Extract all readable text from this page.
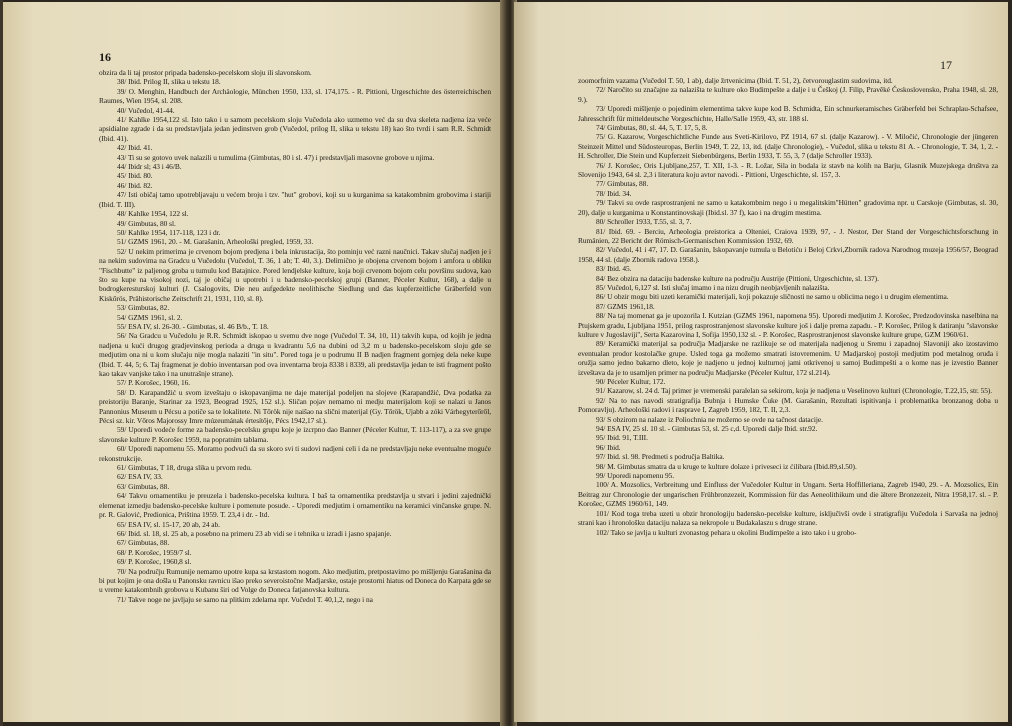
16

obzira da li taj prostor pripada badensko-pecelskom sloju ili slavonskom.

38/ Ibid. Prilog II, slika u tekstu 18.

39/ O. Menghin, Handbuch der Archäologie, München 1950, 133, sl. 174,175. - R. Pittioni, Urgeschichte des österreichischen Raumes, Wien 1954, sl. 208.

40/ Vučedol, 41-44.

41/ Kahlke 1954,122 sl. Isto tako i u samom pecelskom sloju Vučedola ako uzmemo već da su dva skeleta nadjena iza veće apsidialne zgrade i da su predstavljala jedan jedinstven grob (Vučedol, prilog II, slika u tekstu 18) kao što tvrdi i sam R.R. Schmidt (Ibid. 41).

42/ Ibid. 41.

43/ Ti su se gotovo uvek nalazili u tumulima (Gimbutas, 80 i sl. 47) i predstavljali masovne grobove u njima.

44/ Ibidr sl; 43 i 46/B.

45/ Ibid. 80.

46/ Ibid. 82.

47/ Isti običaj tamo upotrebljavaju u većem broju i tzv. "hut" grobovi, koji su u kurganima sa katakombnim grobovima i stariji (Ibid. T. III).

48/ Kahlke 1954, 122 sl.

49/ Gimbutas, 80 sl.

50/ Kahlke 1954, 117-118, 123 i dr.

51/ GZMS 1961, 20. - M. Garašanin, Arheološki pregled, 1959, 33.

52/ U nekim primerima je crvenom bojom predjena i bela inkrustacija, što pominju već razni naučnici. Takav slučaj nadjen je i na nekim sudovima na Gradcu u Vučedolu (Vučedol, T. 36, 1 ab; T. 40, 3.). Delimično je obojena crvenom bojom i amfora u obliku "Fischbutte" iz paljenog groba u tumulu kod Batajnice. Pored lendjelske kulture, koja boji crvenom bojom celu površinu sudova, kao što su kupe na visokoj nozi, taj je običaj u upotrebi i u badensko-pecelskoj grupi (Banner, Péceler Kultur, 168), a dalje u bodrogkeresturskoj kulturi (J. Csalogovits, Die neu aufgedekte neolithische Siedlung und das kupferzeitliche Gräberfeld von Kiskőrös, Prähistorische Zeitschrift 21, 1931, 110, sl. 8).

53/ Gimbutas, 82.

54/ GZMS 1961, sl. 2.

55/ ESA IV, sl. 26-30. - Gimbutas, sl. 46 B/b., T. 18.

56/ Na Gradcu u Vučedolu je R.R. Schmidt iskopao u svemu dve noge (Vučedol T. 34, 10, 11) takvih kupa, od kojih je jedna nadjena u kući drugog gradjevinskog perioda a druga u kvadrantu 5,6 na dubini od 3,2 m u badensko-pecelskom sloju gde se medjutim ona ni u kom slučaju nije mogla nalaziti "in situ". Pored toga je u podrumu II B nadjen fragment gornjeg dela neke kupe (Ibid. T. 44, 5; 6. Taj fragmenat je dobio inventarsan pod ova inventarna broja 8338 i 8339, ali predstavlja jedan te isti fragment pošto kao takav vanjske tako i na unutrašnje strane).

57/ P. Korošec, 1960, 16.

58/ D. Karapandžić u svom izveštaju o iskopavanjima ne daje materijal podeljen na slojeve (Karapandžić, Dva podatka za preistoriju Baranje, Starinar za 1923, Beograd 1925, 152 sl.). Sličan pojav nemamo ni medju materijalom koji se nalazi u Janos Pannonius Museum u Pécsu a potiče sa te lokalitete. Ni Tőrök nije naišao na slični materijal (Gy. Tőrök, Ujabb a zóki Várhegyterőről, Pécsi sz. kir. Vőros Majorossy Imre múzeumának értesítője, Pécs 1942,17 sl.).

59/ Upoređi vodeće forme za badensko-pecelsku grupu koje je izcrpno dao Banner (Péceler Kultur, T. 113-117), a za sve grupe slavonske kulture P. Korošec 1959, na popratnim tablama.

60/ Upoređi napomenu 55. Moramo podvući da su skoro svi ti sudovi nadjeni celi i da ne predstavljaju neke eventualne moguće rekonstrukcije.

61/ Gimbutas, T 18, druga slika u prvom redu.

62/ ESA IV, 33.

63/ Gimbutas, 88.

64/ Takvu ornamentiku je preuzela i badensko-pecelska kultura. I baš ta ornamentika predstavlja u stvari i jedini zajednički elemenat izmedju badensko-pecelske kulture i pomenute posude. - Uporedi medjutim i ornamentiku na keramici vinčanske grupe. N. pr. R. Galović, Predionica, Priština 1959. T. 23,4 i dr. - Itd.

65/ ESA IV, sl. 15-17, 20 ab, 24 ab.

66/ Ibid. sl. 18, sl. 25 ab, a posebno na primeru 23 ab vidi se i tehnika u izradi i jasno spajanje.

67/ Gimbutas, 88.

68/ P. Korošec, 1959/7 sl.

69/ P. Korošec, 1960,8 sl.

70/ Na području Rumunije nemamo upotre kupa sa krstastom nogom. Ako medjutim, pretpostavimo po mišljenju Garašanina da bi put kojim je ona došla u Panonsku ravnicu išao preko severoistočne Madjarske, ostaje prostorni hiatus od Doneca do Karpata gde se u vreme katakombnih grobova u Kubanu širi od Volge do Doneca fatjanovska kultura.

71/ Takve noge ne javljaju se samo na plitkim zdelama npr. Vučedol T. 40,1,2, nego i na

17

zoomorfnim vazama (Vučedol T. 50, 1 ab), dalje žrtvenicima (Ibid. T. 51, 2), četvorouglastim sudovima, itd.

72/ Naročito su značajne za nalazišta te kulture oko Budimpešte a dalje i u Češkoj (J. Filip, Pravěké Československo, Praha 1948, sl. 28, 9.).

73/ Uporedi mišljenje o pojedinim elementima takve kupe kod B. Schmidta, Ein schnurkeramisches Gräberfeld bei Schraplau-Schafsee, Jahresschrift für mitteldeutsche Vorgeschichte, Halle/Salle 1959, 43, str. 188 sl.

74/ Gimbutas, 80, sl. 44, 5, T. 17, 5, 8.

75/ G. Kazarow, Vorgeschichtliche Funde aus Sveti-Kirilovo, PZ 1914, 67 sl. (dalje Kazarow). - V. Miločić, Chronologie der jüngeren Steinzeit Mittel und Südosteuropas, Berlin 1949, T. 22, 13, itd. (dalje Chronologie), - Vučedol, slika u tekstu 81 A. - Chronologie, T. 34, 1, 2. - H. Schroller, Die Stein und Kupferzeit Siebenbürgens, Berlin 1933, T. 55, 3, 7 (dalje Schroller 1933).

76/ J. Korošec, Oris Ljubljane,257, T. XII, 1-3. - R. Ložar, Sila in bodala iz stavb na kolih na Barju, Glasnik Muzejskega društva za Slovenijo 1943, 64 sl. 2,3 i literatura koju avtor navodi. - Pittioni, Urgeschichte, sl. 157, 3.

77/ Gimbutas, 88.

78/ Ibid. 34.

79/ Takvi su ovde rasprostranjeni ne samo u katakombnim nego i u megalitskim"Hütten" gradovima npr. u Carskoje (Gimbutas, sl. 30, 20), dalje u kurganima u Konstantinovskaji (Ibid.sl. 37 f), kao i na drugim mestima.

80/ Schroller 1933, T.55, sl. 3, 7.

81/ Ibid. 69. - Berciu, Arheologia preistorica a Olteniei, Craiova 1939, 97, - J. Nestor, Der Stand der Vorgeschichtsforschung in Rumänien, 22 Bericht der Römisch-Germanischen Kommission 1932, 69.

82/ Vučedol, 41 i 47, 17. D. Garašanin, Iskopavanje tumula u Belotiću i Beloj Crkvi,Zbornik radova Narodnog muzeja 1956/57, Beograd 1958, 44 sl. (dalje Zbornik radova 1958.).

83/ Ibid. 45.

84/ Bez obzira na dataciju badenske kulture na području Austrije (Pittioni, Urgeschichte, sl. 137).

85/ Vučedol, 6,127 sl. Isti slučaj imamo i na nizu drugih neobjavljenih nalazišta.

86/ U obzir mogu biti uzeti keramički materijali, koji pokazuje sličnosti ne samo u oblicima nego i u drugim elementima.

87/ GZMS 1961,18.

88/ Na taj momenat ga je upozorila I. Kutzian (GZMS 1961, napomena 95). Uporedi medjutim J. Korošec, Predzodovinska naselbina na Ptujskem gradu, Ljubljana 1951, prilog rasprostranjenost slavonske kulture još i dalje prema zapadu. - P. Korošec, Prilog k datiranju "slavonske kulture v Jugoslaviji", Serta Kazarovina I, Sofija 1950,132 sl. - P. Korošec, Rasprostranjenost slavonske kulture grupe, GZM 1960/61.

89/ Keramički materijal sa područja Madjarske ne razlikuje se od materijala nadjenog u Sremu i zapadnoj Slavoniji ako izostavimo eventualan prodor kostolačke grupe. Usled toga ga možemo smatrati istovremenim. U Madjarskoj postoji medjutim pod metalnog oruđa i oružja samo jedno bakarno dleto, koje je nadjeno u jednoj kulturnoj jami otkrivenoj u samoj Budimpešti a o kome nas je izvestio Banner izveštava da je to usamljen primer na području Madjarske (Péceler Kultur, 172 sl.214).

90/ Péceler Kultur, 172.

91/ Kazarow, sl. 24 d. Taj primer je vremenski paralelan sa sekirom, koja je nadjena u Veselinovo kulturi (Chronologie, T.22,15, str. 55).

92/ Na to nas navodi stratigrafija Bubnja i Humske Čuke (M. Garašanin, Rezultati ispitivanja i problematika bronzanog doba u Pomoravlju). Arheološki radovi i rasprave I, Zagreb 1959, 182, T. II, 2,3.

93/ S obzirom na nalaze iz Poliochnia ne možemo se ovde na tačnost datacije.

94/ ESA IV, 25 sl. 10 sl. - Gimbutas 53, sl. 25 c,d. Uporedi dalje Ibid. str.92.

95/ Ibid. 91, T.III.

96/ Ibid.

97/ Ibid. sl. 98. Predmeti s područja Baltika.

98/ M. Gimbutas smatra da u kruge te kulture dolaze i priveseci iz ćilibara (Ibid.89,sl.50).

99/ Uporedi napomenu 95.

100/ A. Mozsolics, Verbreitung und Einfluss der Vučedoler Kultur in Ungarn. Serta Hoffilleriana, Zagreb 1940, 29. - A. Mozsolics, Ein Beitrag zur Chronologie der ungarischen Frühbronzezeit, Kommission für das Aeneolithikum und die ältere Bronzezeit, Nitra 1958,17. sl. - P. Korošec, GZMS 1960/61, 149.

101/ Kod toga treba uzeti u obzir hronologiju badensko-pecelske kulture, isključivši ovde i stratigrafiju Vučedola i Sarvaša na jednoj strani kao i hronološku dataciju nalaza sa nekropole u Budakalaszu s druge strane.

102/ Tako se javlja u kulturi zvonastog pehara u okolini Budimpešte a isto tako i u grobo-
